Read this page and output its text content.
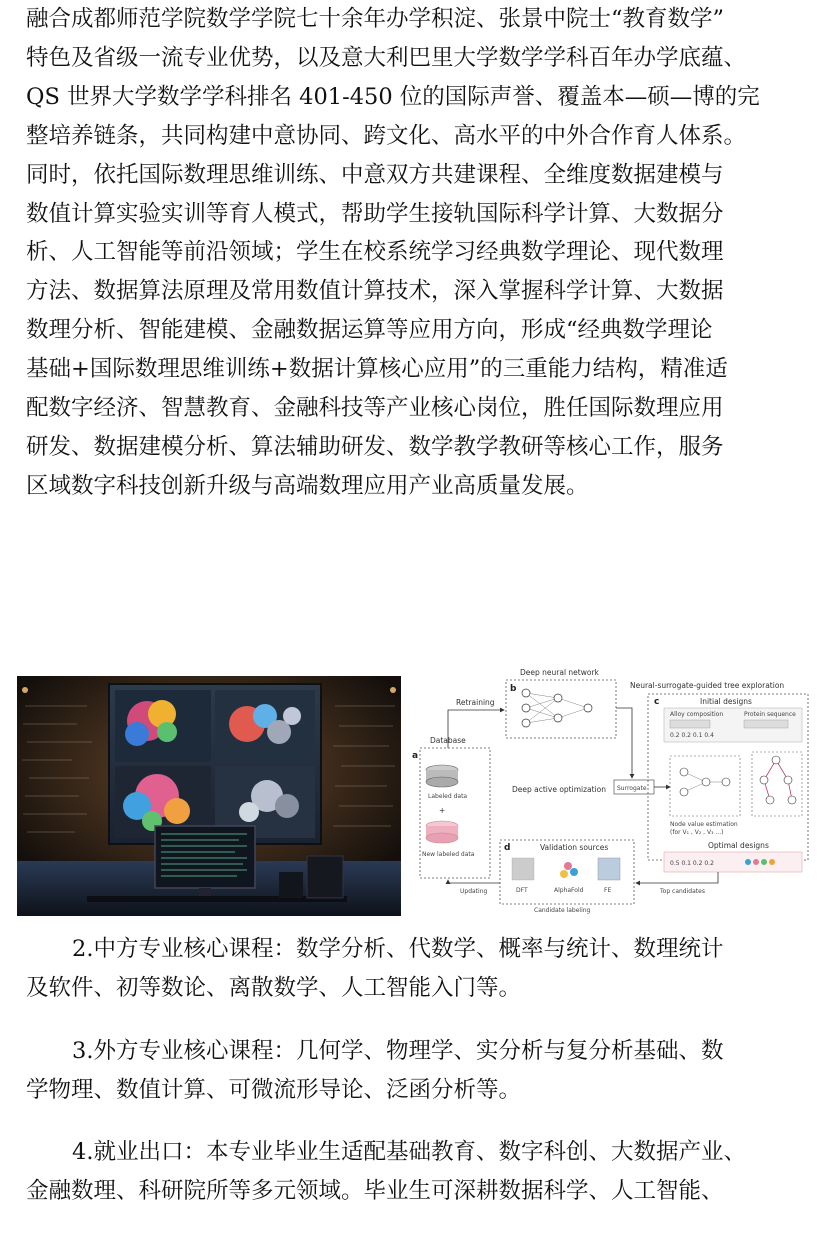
融合成都师范学院数学学院七十余年办学积淀、张景中院士“教育数学”
特色及省级一流专业优势，以及意大利巴里大学数学学科百年办学底蕴、
QS 世界大学数学学科排名 401-450 位的国际声誉、覆盖本—硕—博的完
整培养链条，共同构建中意协同、跨文化、高水平的中外合作育人体系。
同时，依托国际数理思维训练、中意双方共建课程、全维度数据建模与
数值计算实验实训等育人模式，帮助学生接轨国际科学计算、大数据分
析、人工智能等前沿领域；学生在校系统学习经典数学理论、现代数理
方法、数据算法原理及常用数值计算技术，深入掌握科学计算、大数据
数理分析、智能建模、金融数据运算等应用方向，形成“经典数学理论
基础+国际数理思维训练+数据计算核心应用”的三重能力结构，精准适
配数字经济、智慧教育、金融科技等产业核心岗位，胜任国际数理应用
研发、数据建模分析、算法辅助研发、数学教学教研等核心工作，服务
区域数字科技创新升级与高端数理应用产业高质量发展。
Deep neural network
b	Neural-surrogate-guided tree exploration
Retraining
Database
a
Labeled data
+
New labeled data
Surrogate
c	Initial designs
Alloy composition	Protein sequence
0.2 0.2 0.1 0.4
Node value estimation
(for V₁ , V₂ , V₃ ...)
Optimal designs
0.5 0.1 0.2 0.2
Deep active optimization
d	Validation sources
DFT	AlphaFold	FE
Candidate labeling
Updating	Top candidates
2.中方专业核心课程：数学分析、代数学、概率与统计、数理统计
及软件、初等数论、离散数学、人工智能入门等。
3.外方专业核心课程：几何学、物理学、实分析与复分析基础、数
学物理、数值计算、可微流形导论、泛函分析等。
4.就业出口：本专业毕业生适配基础教育、数字科创、大数据产业、
金融数理、科研院所等多元领域。毕业生可深耕数据科学、人工智能、
